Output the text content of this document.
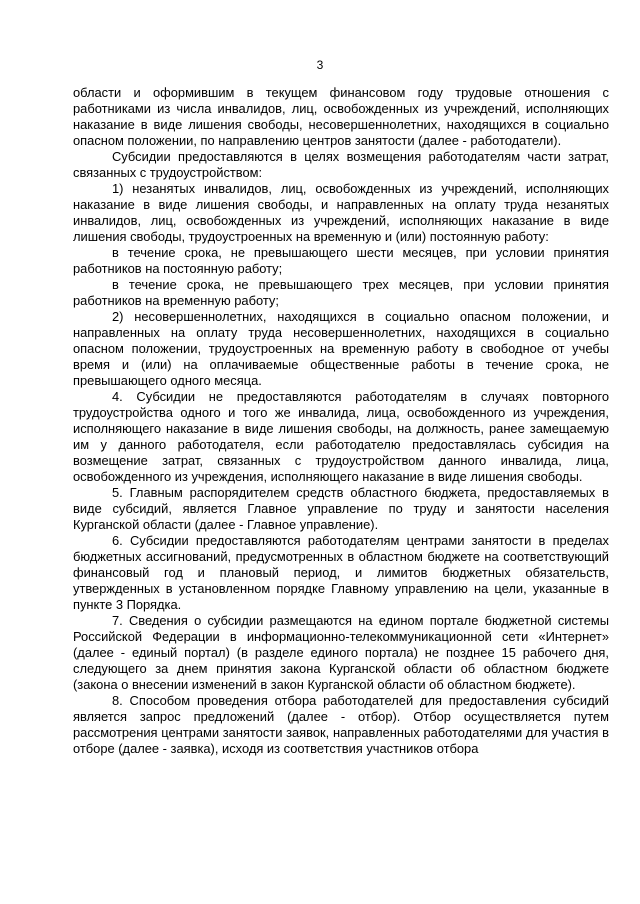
3

области и оформившим в текущем финансовом году трудовые отношения с работниками из числа инвалидов, лиц, освобожденных из учреждений, исполняющих наказание в виде лишения свободы, несовершеннолетних, находящихся в социально опасном положении, по направлению центров занятости (далее - работодатели).

Субсидии предоставляются в целях возмещения работодателям части затрат, связанных с трудоустройством:

1) незанятых инвалидов, лиц, освобожденных из учреждений, исполняющих наказание в виде лишения свободы, и направленных на оплату труда незанятых инвалидов, лиц, освобожденных из учреждений, исполняющих наказание в виде лишения свободы, трудоустроенных на временную и (или) постоянную работу:

в течение срока, не превышающего шести месяцев, при условии принятия работников на постоянную работу;

в течение срока, не превышающего трех месяцев, при условии принятия работников на временную работу;

2) несовершеннолетних, находящихся в социально опасном положении, и направленных на оплату труда несовершеннолетних, находящихся в социально опасном положении, трудоустроенных на временную работу в свободное от учебы время и (или) на оплачиваемые общественные работы в течение срока, не превышающего одного месяца.

4. Субсидии не предоставляются работодателям в случаях повторного трудоустройства одного и того же инвалида, лица, освобожденного из учреждения, исполняющего наказание в виде лишения свободы, на должность, ранее замещаемую им у данного работодателя, если работодателю предоставлялась субсидия на возмещение затрат, связанных с трудоустройством данного инвалида, лица, освобожденного из учреждения, исполняющего наказание в виде лишения свободы.

5. Главным распорядителем средств областного бюджета, предоставляемых в виде субсидий, является Главное управление по труду и занятости населения Курганской области (далее - Главное управление).

6. Субсидии предоставляются работодателям центрами занятости в пределах бюджетных ассигнований, предусмотренных в областном бюджете на соответствующий финансовый год и плановый период, и лимитов бюджетных обязательств, утвержденных в установленном порядке Главному управлению на цели, указанные в пункте 3 Порядка.

7. Сведения о субсидии размещаются на едином портале бюджетной системы Российской Федерации в информационно-телекоммуникационной сети «Интернет» (далее - единый портал) (в разделе единого портала) не позднее 15 рабочего дня, следующего за днем принятия закона Курганской области об областном бюджете (закона о внесении изменений в закон Курганской области об областном бюджете).

8. Способом проведения отбора работодателей для предоставления субсидий является запрос предложений (далее - отбор). Отбор осуществляется путем рассмотрения центрами занятости заявок, направленных работодателями для участия в отборе (далее - заявка), исходя из соответствия участников отбора
